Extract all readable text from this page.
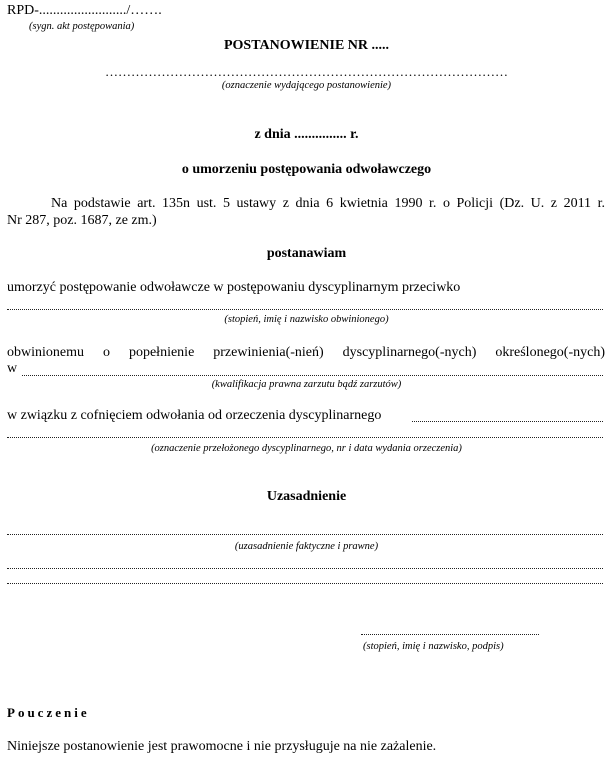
RPD-........................./…….
(sygn. akt postępowania)
POSTANOWIENIE NR .....
…………………………………………………………………………………
(oznaczenie wydającego postanowienie)
z dnia ............... r.
o umorzeniu postępowania odwoławczego
Na podstawie art. 135n ust. 5 ustawy z dnia 6 kwietnia 1990 r. o Policji (Dz. U. z 2011 r.
Nr 287, poz. 1687, ze zm.)
postanawiam
umorzyć postępowanie odwoławcze w postępowaniu dyscyplinarnym przeciwko
(stopień, imię i nazwisko obwinionego)
obwinionemu o popełnienie przewinienia(-nień) dyscyplinarnego(-nych) określonego(-nych)
w
(kwalifikacja prawna zarzutu bądź zarzutów)
w związku z cofnięciem odwołania od orzeczenia dyscyplinarnego
(oznaczenie przełożonego dyscyplinarnego, nr i data wydania orzeczenia)
Uzasadnienie
(uzasadnienie faktyczne i prawne)
(stopień, imię i nazwisko, podpis)
Pouczenie
Niniejsze postanowienie jest prawomocne i nie przysługuje na nie zażalenie.
